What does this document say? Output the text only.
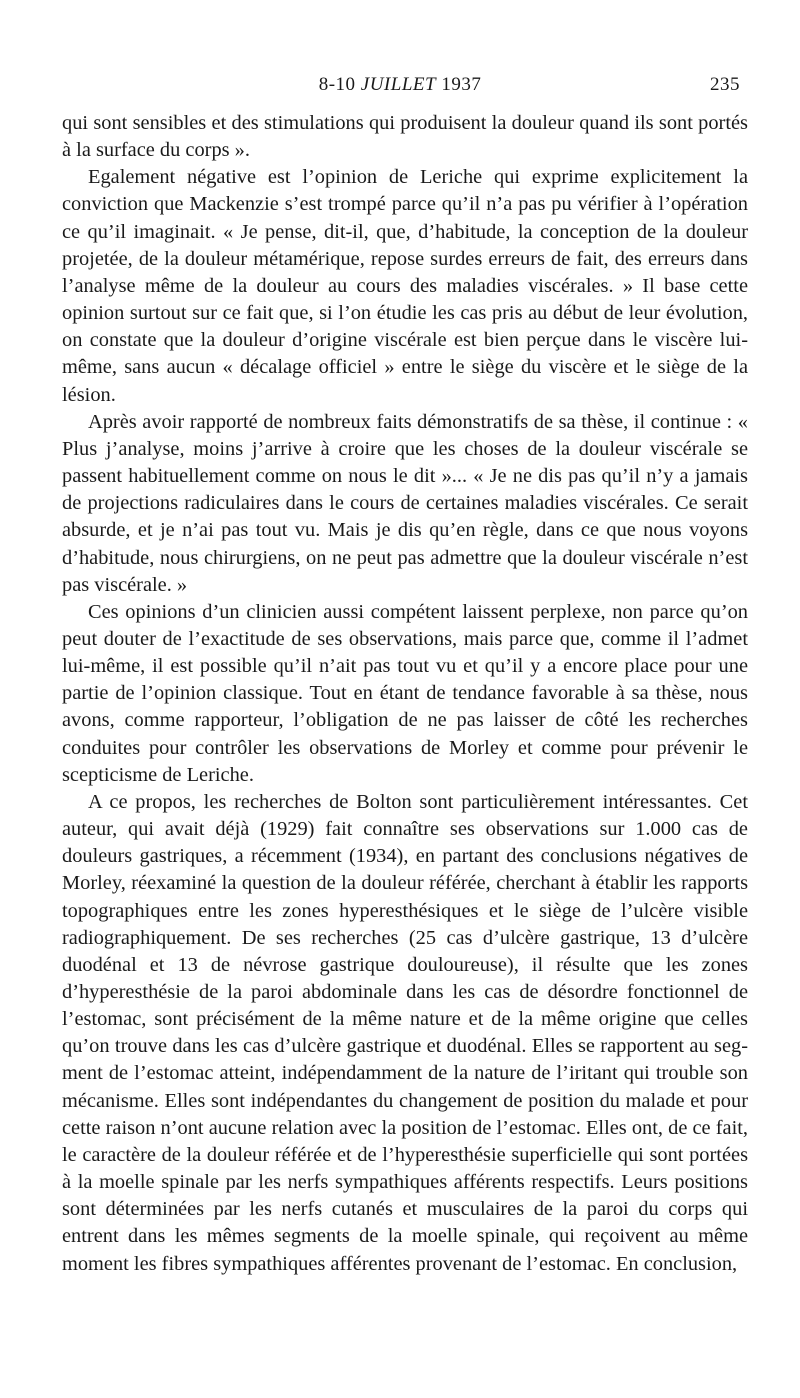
8-10 JUILLET 1937	235

qui sont sensibles et des stimulations qui produisent la douleur quand ils sont portés à la surface du corps ».

Egalement négative est l’opinion de Leriche qui exprime explicitement la conviction que Mackenzie s’est trompé parce qu’il n’a pas pu vérifier à l’opération ce qu’il imaginait. « Je pense, dit-il, que, d’habitude, la conception de la douleur projetée, de la douleur métamérique, repose surdes erreurs de fait, des erreurs dans l’analyse même de la douleur au cours des maladies viscérales. » Il base cette opinion surtout sur ce fait que, si l’on étudie les cas pris au début de leur évolution, on constate que la douleur d’origine viscérale est bien perçue dans le viscère lui-même, sans aucun « décalage officiel » entre le siège du viscère et le siège de la lésion.

Après avoir rapporté de nombreux faits démonstratifs de sa thèse, il continue : « Plus j’analyse, moins j’arrive à croire que les choses de la douleur viscérale se passent habituellement comme on nous le dit »... « Je ne dis pas qu’il n’y a jamais de projections radiculaires dans le cours de certaines maladies viscérales. Ce serait absurde, et je n’ai pas tout vu. Mais je dis qu’en règle, dans ce que nous voyons d’habitude, nous chirurgiens, on ne peut pas admettre que la douleur viscérale n’est pas viscérale. »

Ces opinions d’un clinicien aussi compétent laissent perplexe, non parce qu’on peut douter de l’exactitude de ses observations, mais parce que, comme il l’admet lui-même, il est possible qu’il n’ait pas tout vu et qu’il y a encore place pour une partie de l’opinion classique. Tout en étant de tendance favorable à sa thèse, nous avons, comme rapporteur, l’obligation de ne pas laisser de côté les recherches conduites pour contrôler les observations de Morley et comme pour prévenir le scepticisme de Leriche.

A ce propos, les recherches de Bolton sont particulièrement intéressantes. Cet auteur, qui avait déjà (1929) fait connaître ses observations sur 1.000 cas de douleurs gastriques, a récemment (1934), en partant des conclusions négatives de Morley, réexaminé la question de la douleur référée, cherchant à établir les rapports topographiques entre les zones hyperesthésiques et le siège de l’ulcère visible radiographiquement. De ses recherches (25 cas d’ulcère gastrique, 13 d’ulcère duodénal et 13 de névrose gastrique douloureuse), il résulte que les zones d’hyperesthésie de la paroi abdominale dans les cas de désordre fonctionnel de l’estomac, sont précisément de la même nature et de la même origine que celles qu’on trouve dans les cas d’ulcère gastrique et duodénal. Elles se rapportent au segment de l’estomac atteint, indépendamment de la nature de l’iritant qui trouble son mécanisme. Elles sont indépendantes du changement de position du malade et pour cette raison n’ont aucune relation avec la position de l’estomac. Elles ont, de ce fait, le caractère de la douleur référée et de l’hyperesthésie superficielle qui sont portées à la moelle spinale par les nerfs sympathiques afférents respectifs. Leurs positions sont déterminées par les nerfs cutanés et musculaires de la paroi du corps qui entrent dans les mêmes segments de la moelle spinale, qui reçoivent au même moment les fibres sympathiques afférentes provenant de l’estomac. En conclusion,
